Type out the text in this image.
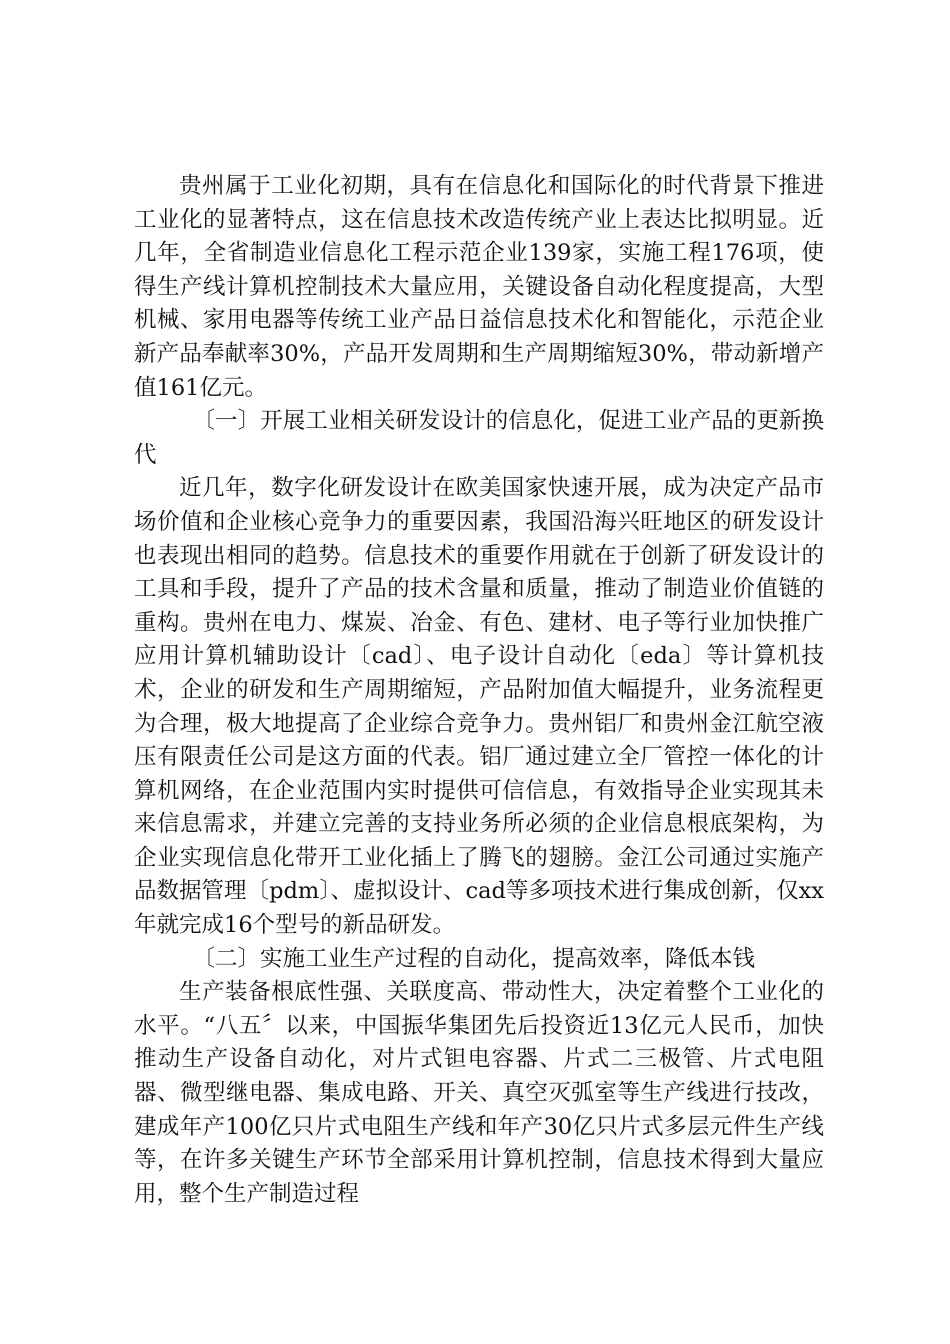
贵州属于工业化初期，具有在信息化和国际化的时代背景下推进工业化的显著特点，这在信息技术改造传统产业上表达比拟明显。近几年，全省制造业信息化工程示范企业139家，实施工程176项，使得生产线计算机控制技术大量应用，关键设备自动化程度提高，大型机械、家用电器等传统工业产品日益信息技术化和智能化，示范企业新产品奉献率30%，产品开发周期和生产周期缩短30%，带动新增产值161亿元。

〔一〕开展工业相关研发设计的信息化，促进工业产品的更新换代

近几年，数字化研发设计在欧美国家快速开展，成为决定产品市场价值和企业核心竞争力的重要因素，我国沿海兴旺地区的研发设计也表现出相同的趋势。信息技术的重要作用就在于创新了研发设计的工具和手段，提升了产品的技术含量和质量，推动了制造业价值链的重构。贵州在电力、煤炭、冶金、有色、建材、电子等行业加快推广应用计算机辅助设计〔cad〕、电子设计自动化〔eda〕等计算机技术，企业的研发和生产周期缩短，产品附加值大幅提升，业务流程更为合理，极大地提高了企业综合竞争力。贵州铝厂和贵州金江航空液压有限责任公司是这方面的代表。铝厂通过建立全厂管控一体化的计算机网络，在企业范围内实时提供可信信息，有效指导企业实现其未来信息需求，并建立完善的支持业务所必须的企业信息根底架构，为企业实现信息化带开工业化插上了腾飞的翅膀。金江公司通过实施产品数据管理〔pdm〕、虚拟设计、cad等多项技术进行集成创新，仅xx年就完成16个型号的新品研发。

〔二〕实施工业生产过程的自动化，提高效率，降低本钱

生产装备根底性强、关联度高、带动性大，决定着整个工业化的水平。“八五〞以来，中国振华集团先后投资近13亿元人民币，加快推动生产设备自动化，对片式钽电容器、片式二三极管、片式电阻器、微型继电器、集成电路、开关、真空灭弧室等生产线进行技改，建成年产100亿只片式电阻生产线和年产30亿只片式多层元件生产线等，在许多关键生产环节全部采用计算机控制，信息技术得到大量应用，整个生产制造过程
